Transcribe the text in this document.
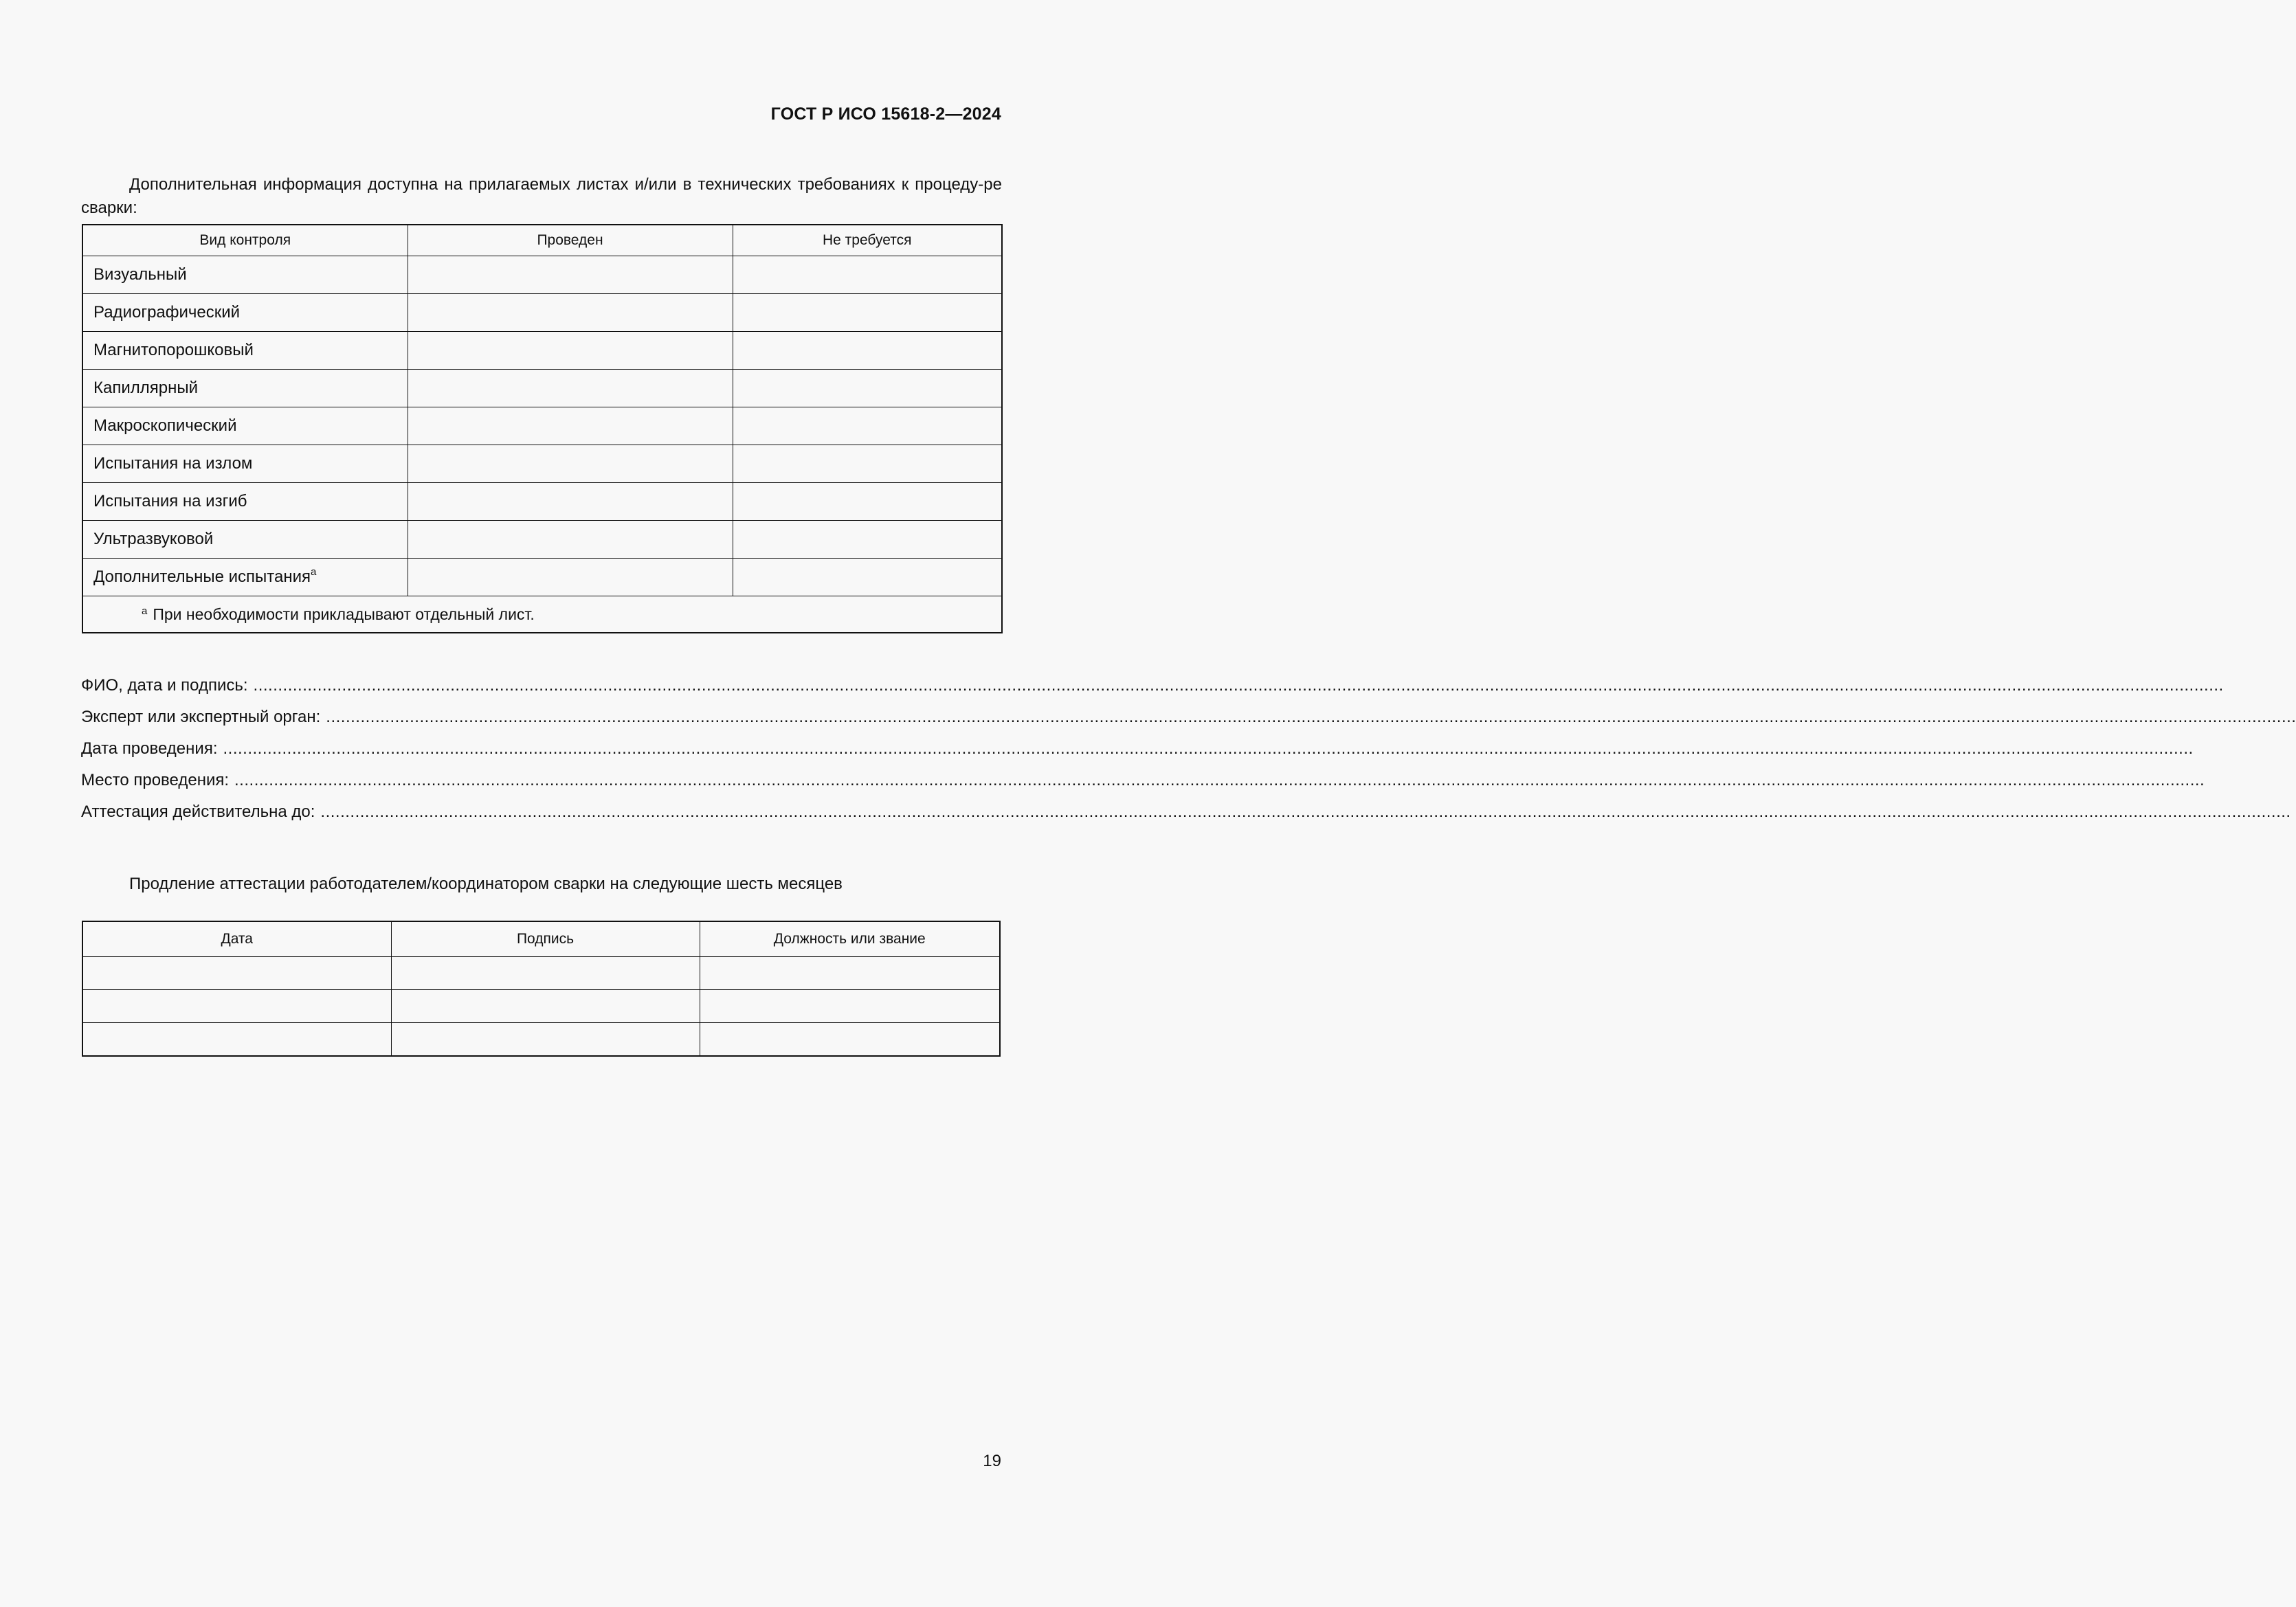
ГОСТ Р ИСО 15618-2—2024

Дополнительная информация доступна на прилагаемых листах и/или в технических требованиях к процеду-ре сварки:

Вид контроля	Проведен	Не требуется
Визуальный		
Радиографический		
Магнитопорошковый		
Капиллярный		
Макроскопический		
Испытания на излом		
Испытания на изгиб		
Ультразвуковой		
Дополнительные испытания$^а$		
$^а$ При необходимости прикладывают отдельный лист.		
ФИО, дата и подпись: ................................................................................................................................................................................................................................................................................................................................................................................................................
Эксперт или экспертный орган: ................................................................................................................................................................................................................................................................................................................................................................................................................
Дата проведения: ................................................................................................................................................................................................................................................................................................................................................................................................................
Место проведения: ................................................................................................................................................................................................................................................................................................................................................................................................................
Аттестация действительна до: ................................................................................................................................................................................................................................................................................................................................................................................................................
Продление аттестации работодателем/координатором сварки на следующие шесть месяцев
Дата	Подпись	Должность или звание

19
